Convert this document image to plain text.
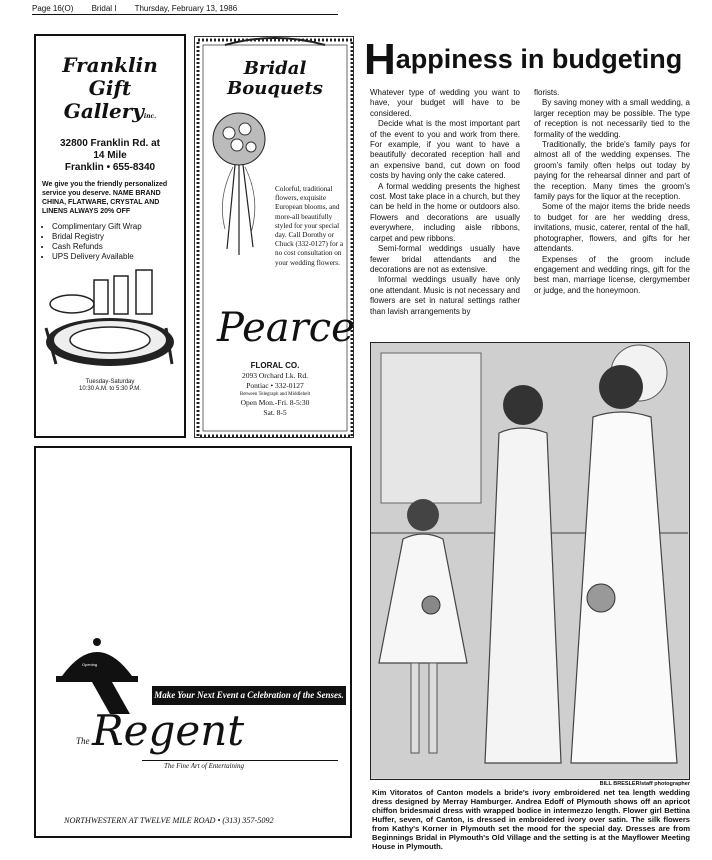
Page 16(O) Bridal I Thursday, February 13, 1986
Franklin
Gift
Galleryinc.
32800 Franklin Rd. at
14 Mile
Franklin • 655-8340
We give you the friendly personalized service you deserve. NAME BRAND CHINA, FLATWARE, CRYSTAL AND LINENS ALWAYS 20% OFF
• Complimentary Gift Wrap
• Bridal Registry
• Cash Refunds
• UPS Delivery Available
Tuesday-Saturday
10:30 A.M. to 5:30 P.M.
Bridal
Bouquets
Colorful, traditional flowers, exquisite European blooms, and more-all beautifully styled for your special day. Call Dorothy or Chuck (332-0127) for a no cost consultation on your wedding flowers.
Pearce
FLORAL CO.
2093 Orchard Lk. Rd.
Pontiac • 332-0127
Between Telegraph and Middlebelt
Open Mon.-Fri. 8-5:30
Sat. 8-5
Happiness in budgeting

Whatever type of wedding you want to have, your budget will have to be considered.

Decide what is the most important part of the event to you and work from there. For example, if you want to have a beautifully decorated reception hall and an expensive band, cut down on food costs by having only the cake catered.

A formal wedding presents the highest cost. Most take place in a church, but they can be held in the home or outdoors also. Flowers and decorations are usually everywhere, including aisle ribbons, carpet and pew ribbons.

Semi-formal weddings usually have fewer bridal attendants and the decorations are not as extensive.

Informal weddings usually have only one attendant. Music is not necessary and flowers are set in natural settings rather than lavish arrangements by

florists.

By saving money with a small wedding, a larger reception may be possible. The type of reception is not necessarily tied to the formality of the wedding.

Traditionally, the bride's family pays for almost all of the wedding expenses. The groom's family often helps out today by paying for the rehearsal dinner and part of the reception. Many times the groom's family pays for the liquor at the reception.

Some of the major items the bride needs to budget for are her wedding dress, invitations, music, caterer, rental of the hall, photographer, flowers, and gifts for her attendants.

Expenses of the groom include engagement and wedding rings, gift for the best man, marriage license, clergymember or judge, and the honeymoon.

BILL BRESLER/staff photographer
Kim Vitoratos of Canton models a bride's ivory embroidered net tea length wedding dress designed by Merray Hamburger. Andrea Edoff of Plymouth shows off an apricot chiffon bridesmaid dress with wrapped bodice in intermezzo length. Flower girl Bettina Huffer, seven, of Canton, is dressed in embroidered ivory over satin. The silk flowers from Kathy's Korner in Plymouth set the mood for the special day. Dresses are from Beginnings Bridal in Plymouth's Old Village and the setting is at the Mayflower Meeting House in Plymouth.
Opening
Make Your Next Event a Celebration of the Senses.
The Regent
The Fine Art of Entertaining
NORTHWESTERN AT TWELVE MILE ROAD • (313) 357-5092
